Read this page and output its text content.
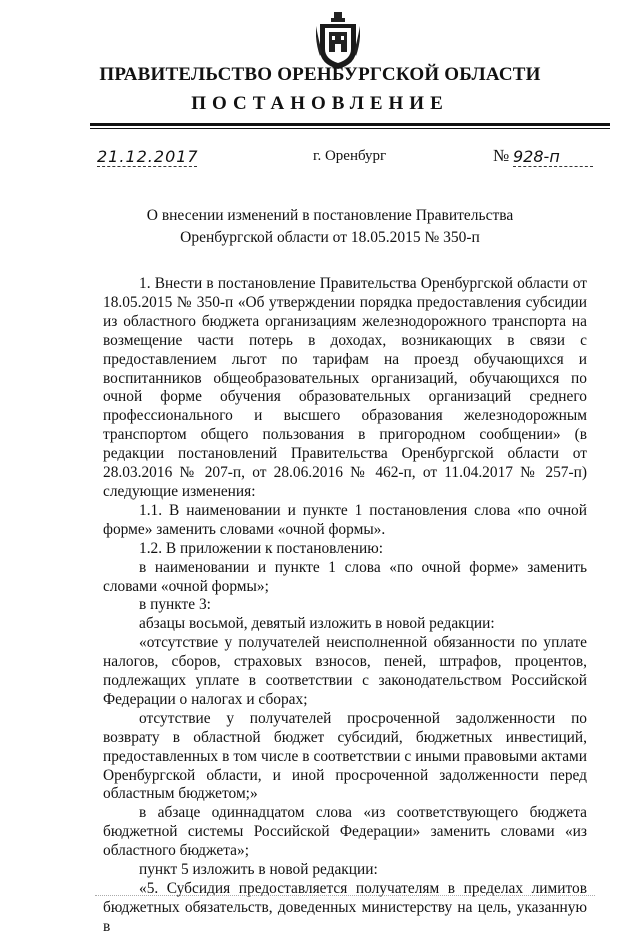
ПРАВИТЕЛЬСТВО ОРЕНБУРГСКОЙ ОБЛАСТИ
ПОСТАНОВЛЕНИЕ
21.12.2017	г. Оренбург	№ 928-п
О внесении изменений в постановление Правительства
Оренбургской области от 18.05.2015 № 350-п

1. Внести в постановление Правительства Оренбургской области от 18.05.2015 № 350-п «Об утверждении порядка предоставления субсидии из областного бюджета организациям железнодорожного транспорта на возмещение части потерь в доходах, возникающих в связи с предоставлением льгот по тарифам на проезд обучающихся и воспитанников общеобразовательных организаций, обучающихся по очной форме обучения образовательных организаций среднего профессионального и высшего образования железнодорожным транспортом общего пользования в пригородном сообщении» (в редакции постановлений Правительства Оренбургской области от 28.03.2016 № 207-п, от 28.06.2016 № 462-п, от 11.04.2017 № 257-п) следующие изменения:

1.1. В наименовании и пункте 1 постановления слова «по очной форме» заменить словами «очной формы».

1.2. В приложении к постановлению:

в наименовании и пункте 1 слова «по очной форме» заменить словами «очной формы»;

в пункте 3:

абзацы восьмой, девятый изложить в новой редакции:

«отсутствие у получателей неисполненной обязанности по уплате налогов, сборов, страховых взносов, пеней, штрафов, процентов, подлежащих уплате в соответствии с законодательством Российской Федерации о налогах и сборах;

отсутствие у получателей просроченной задолженности по возврату в областной бюджет субсидий, бюджетных инвестиций, предоставленных в том числе в соответствии с иными правовыми актами Оренбургской области, и иной просроченной задолженности перед областным бюджетом;»

в абзаце одиннадцатом слова «из соответствующего бюджета бюджетной системы Российской Федерации» заменить словами «из областного бюджета»;

пункт 5 изложить в новой редакции:

«5. Субсидия предоставляется получателям в пределах лимитов бюджетных обязательств, доведенных министерству на цель, указанную в
